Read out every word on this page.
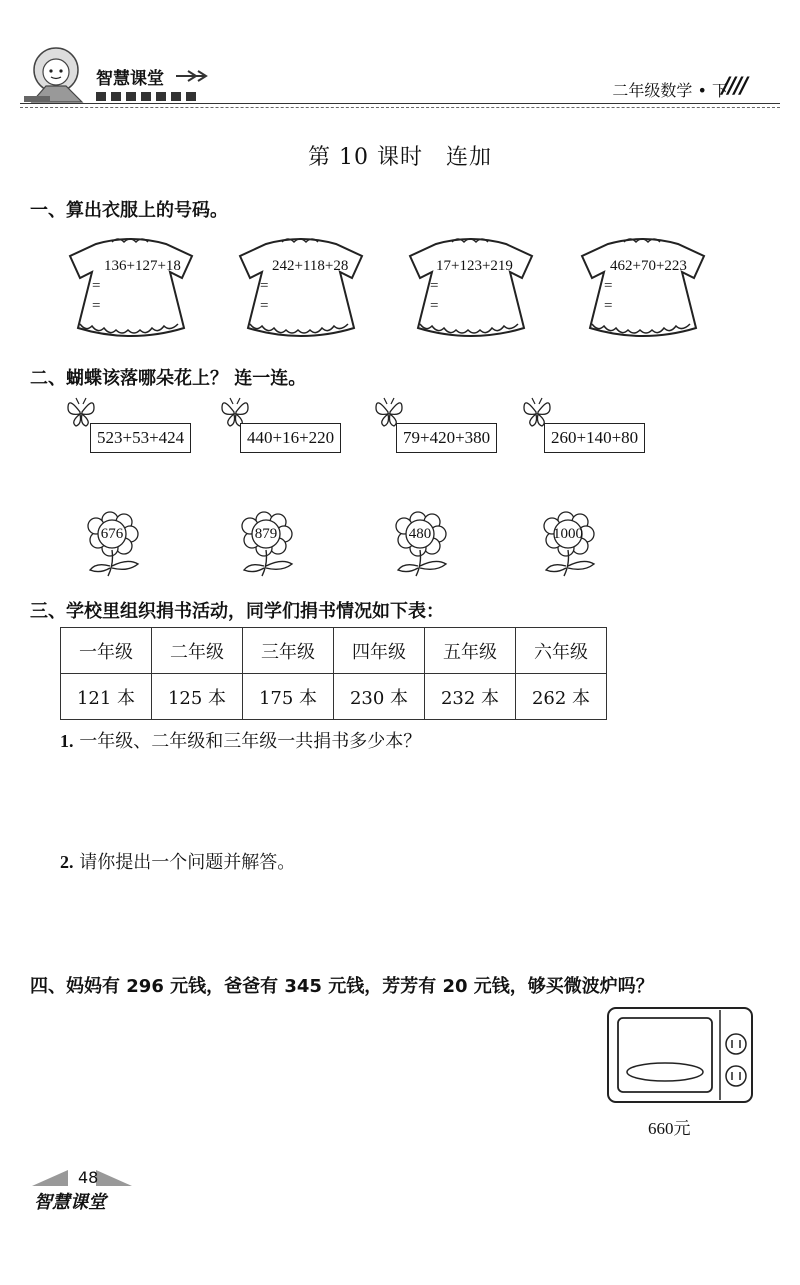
智慧课堂
二年级数学 • 下
////
第 10 课时　连加
一、算出衣服上的号码。
136+127+18
=
=
242+118+28
=
=
17+123+219
=
=
462+70+223
=
=
二、蝴蝶该落哪朵花上？ 连一连。
523+53+424	440+16+220	79+420+380	260+140+80
676	879	480	1000
三、学校里组织捐书活动，同学们捐书情况如下表：
一年级	二年级	三年级	四年级	五年级	六年级
121 本	125 本	175 本	230 本	232 本	262 本
1. 一年级、二年级和三年级一共捐书多少本？
2. 请你提出一个问题并解答。
四、妈妈有 296 元钱，爸爸有 345 元钱，芳芳有 20 元钱，够买微波炉吗？
660元
48
智慧课堂
